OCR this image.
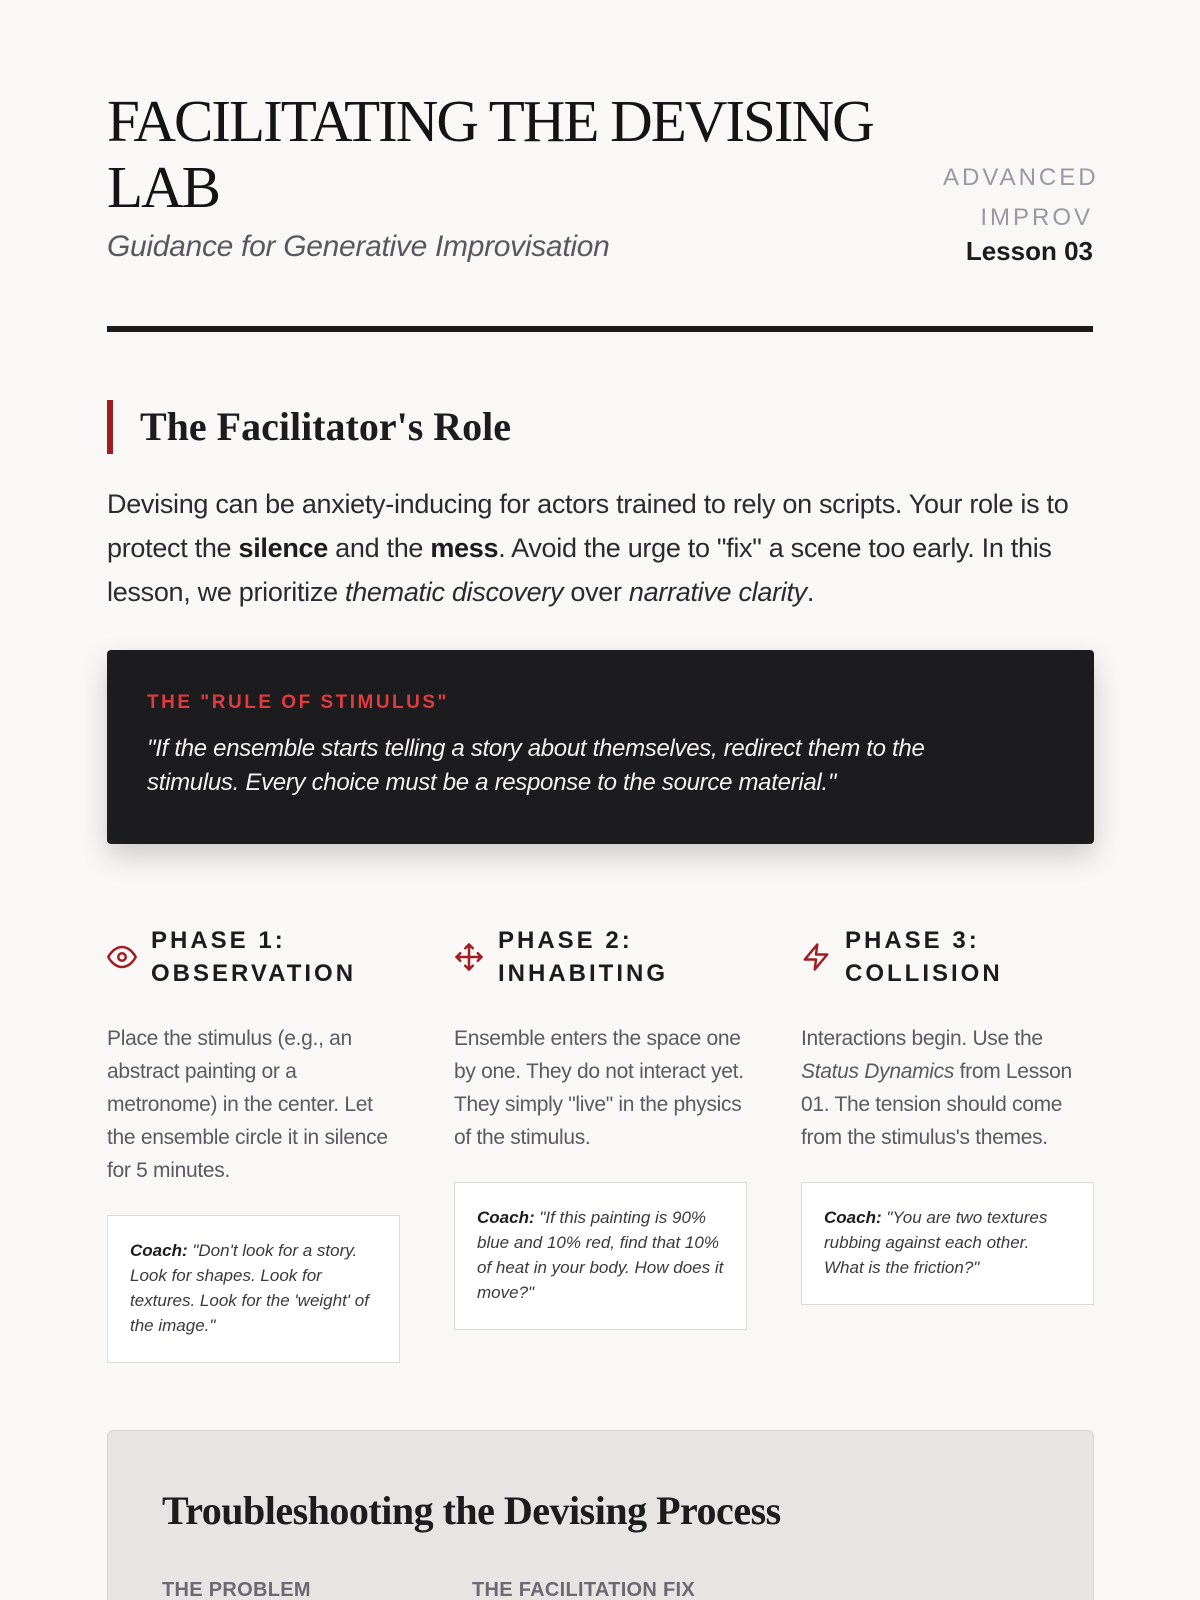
FACILITATING THE DEVISING LAB
Guidance for Generative Improvisation
ADVANCED IMPROV
Lesson 03
The Facilitator's Role

Devising can be anxiety-inducing for actors trained to rely on scripts. Your role is to protect the silence and the mess. Avoid the urge to "fix" a scene too early. In this lesson, we prioritize thematic discovery over narrative clarity.

THE "RULE OF STIMULUS"
"If the ensemble starts telling a story about themselves, redirect them to the stimulus. Every choice must be a response to the source material."
PHASE 1:
OBSERVATION

Place the stimulus (e.g., an abstract painting or a metronome) in the center. Let the ensemble circle it in silence for 5 minutes.

Coach: "Don't look for a story. Look for shapes. Look for textures. Look for the 'weight' of the image."
PHASE 2:
INHABITING

Ensemble enters the space one by one. They do not interact yet. They simply "live" in the physics of the stimulus.

Coach: "If this painting is 90% blue and 10% red, find that 10% of heat in your body. How does it move?"
PHASE 3:
COLLISION

Interactions begin. Use the Status Dynamics from Lesson 01. The tension should come from the stimulus's themes.

Coach: "You are two textures rubbing against each other. What is the friction?"
Troubleshooting the Devising Process
THE PROBLEM	THE FACILITATION FIX
